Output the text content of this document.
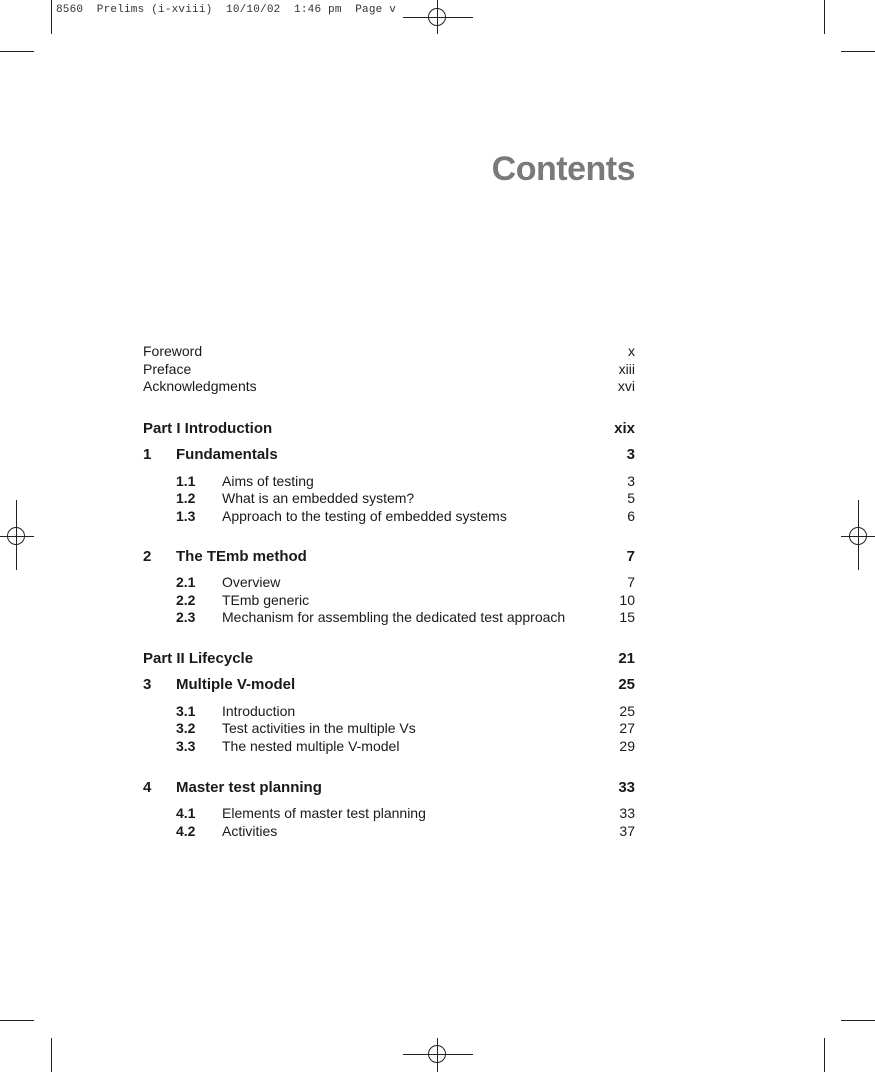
8560  Prelims (i-xviii)  10/10/02  1:46 pm  Page v
Contents
Foreword	x
Preface	xiii
Acknowledgments	xvi
Part I Introduction	xix
1 Fundamentals	3
1.1 Aims of testing	3
1.2 What is an embedded system?	5
1.3 Approach to the testing of embedded systems	6
2 The TEmb method	7
2.1 Overview	7
2.2 TEmb generic	10
2.3 Mechanism for assembling the dedicated test approach	15
Part II Lifecycle	21
3 Multiple V-model	25
3.1 Introduction	25
3.2 Test activities in the multiple Vs	27
3.3 The nested multiple V-model	29
4 Master test planning	33
4.1 Elements of master test planning	33
4.2 Activities	37
